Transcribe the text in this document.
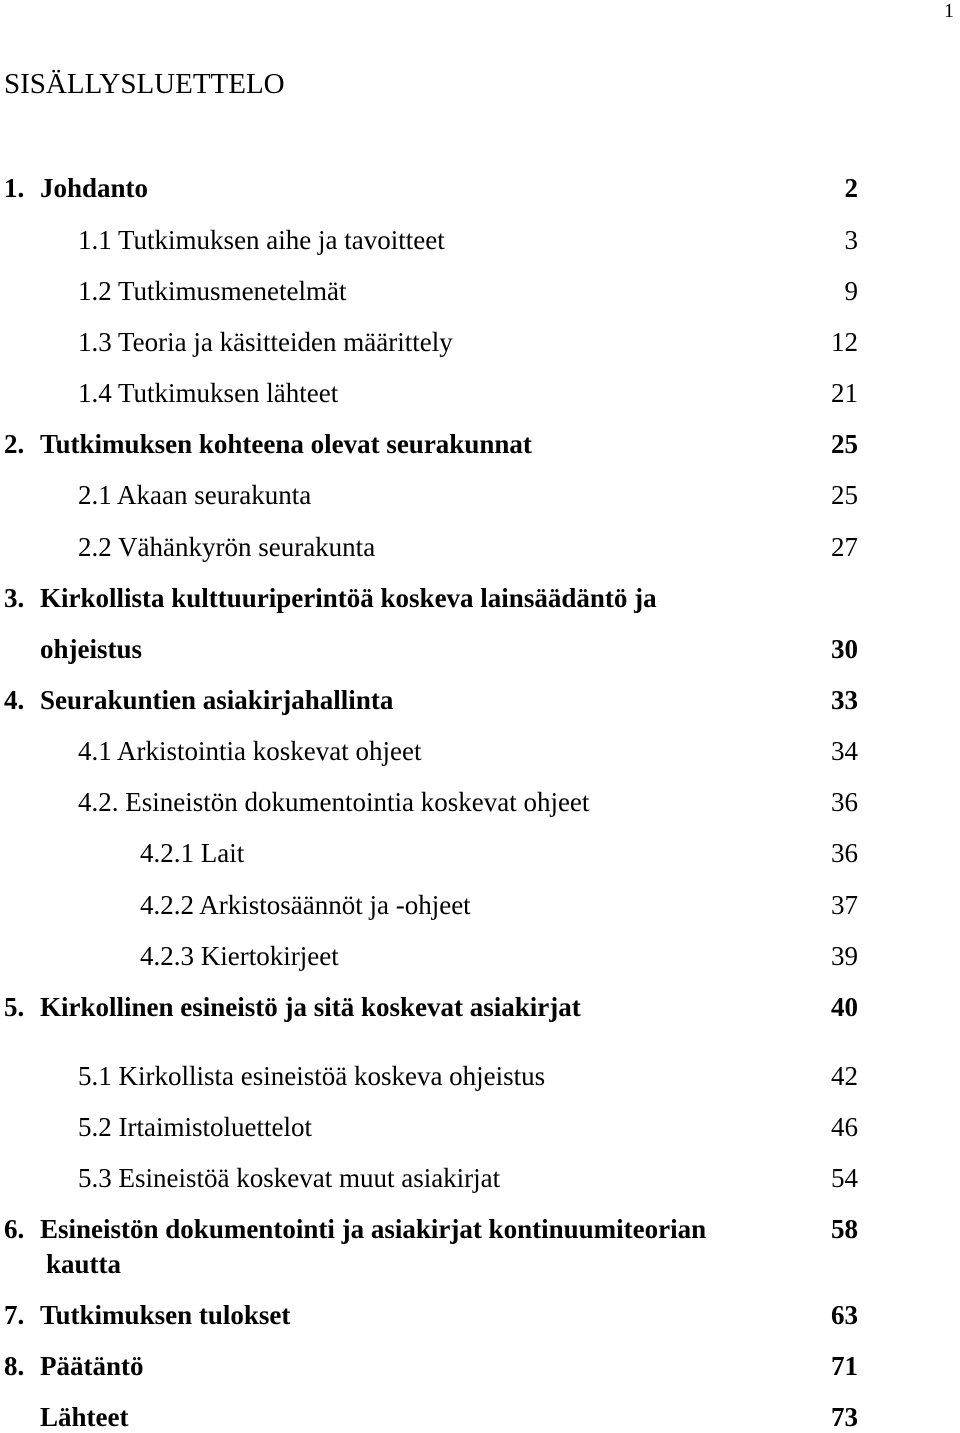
1
SISÄLLYSLUETTELO
1. Johdanto	2
1.1 Tutkimuksen aihe ja tavoitteet	3
1.2 Tutkimusmenetelmät	9
1.3 Teoria ja käsitteiden määrittely	12
1.4 Tutkimuksen lähteet	21
2. Tutkimuksen kohteena olevat seurakunnat	25
2.1 Akaan seurakunta	25
2.2 Vähänkyrön seurakunta	27
3. Kirkollista kulttuuriperintöä koskeva lainsäädäntö ja
ohjeistus	30
4. Seurakuntien asiakirjahallinta	33
4.1 Arkistointia koskevat ohjeet	34
4.2. Esineistön dokumentointia koskevat ohjeet	36
4.2.1 Lait	36
4.2.2 Arkistosäännöt ja -ohjeet	37
4.2.3 Kiertokirjeet	39
5. Kirkollinen esineistö ja sitä koskevat asiakirjat	40
5.1 Kirkollista esineistöä koskeva ohjeistus	42
5.2 Irtaimistoluettelot	46
5.3 Esineistöä koskevat muut asiakirjat	54
6. Esineistön dokumentointi ja asiakirjat kontinuumiteorian	58
kautta
7. Tutkimuksen tulokset	63
8. Päätäntö	71
Lähteet	73
